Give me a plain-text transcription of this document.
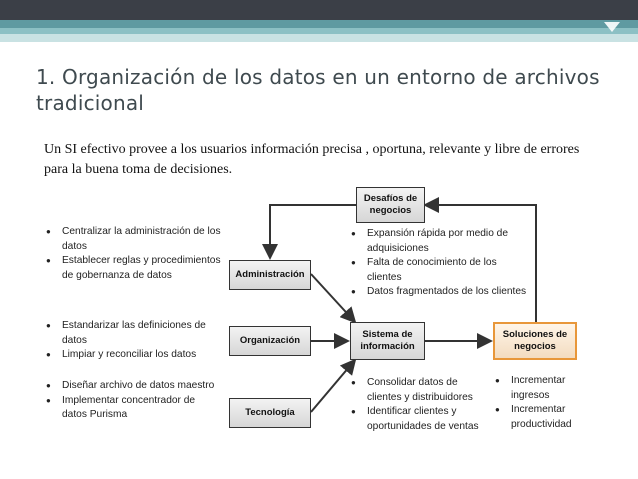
1. Organización de los datos en un entorno de archivos tradicional
Un SI efectivo provee a los usuarios información precisa , oportuna, relevante y libre de errores para la buena toma de decisiones.
Desafíos de negocios
Administración
Organización
Tecnología
Sistema de información
Soluciones de negocios
● Centralizar la administración de los datos
● Establecer reglas y procedimientos de gobernanza de datos
● Estandarizar las definiciones de datos
● Limpiar y reconciliar los datos
● Diseñar archivo de datos maestro
● Implementar concentrador de datos Purisma
● Expansión rápida por medio de adquisiciones
● Falta de conocimiento de los clientes
● Datos fragmentados de los clientes
● Consolidar datos de clientes y distribuidores
● Identificar clientes y oportunidades de ventas
● Incrementar ingresos
● Incrementar productividad
